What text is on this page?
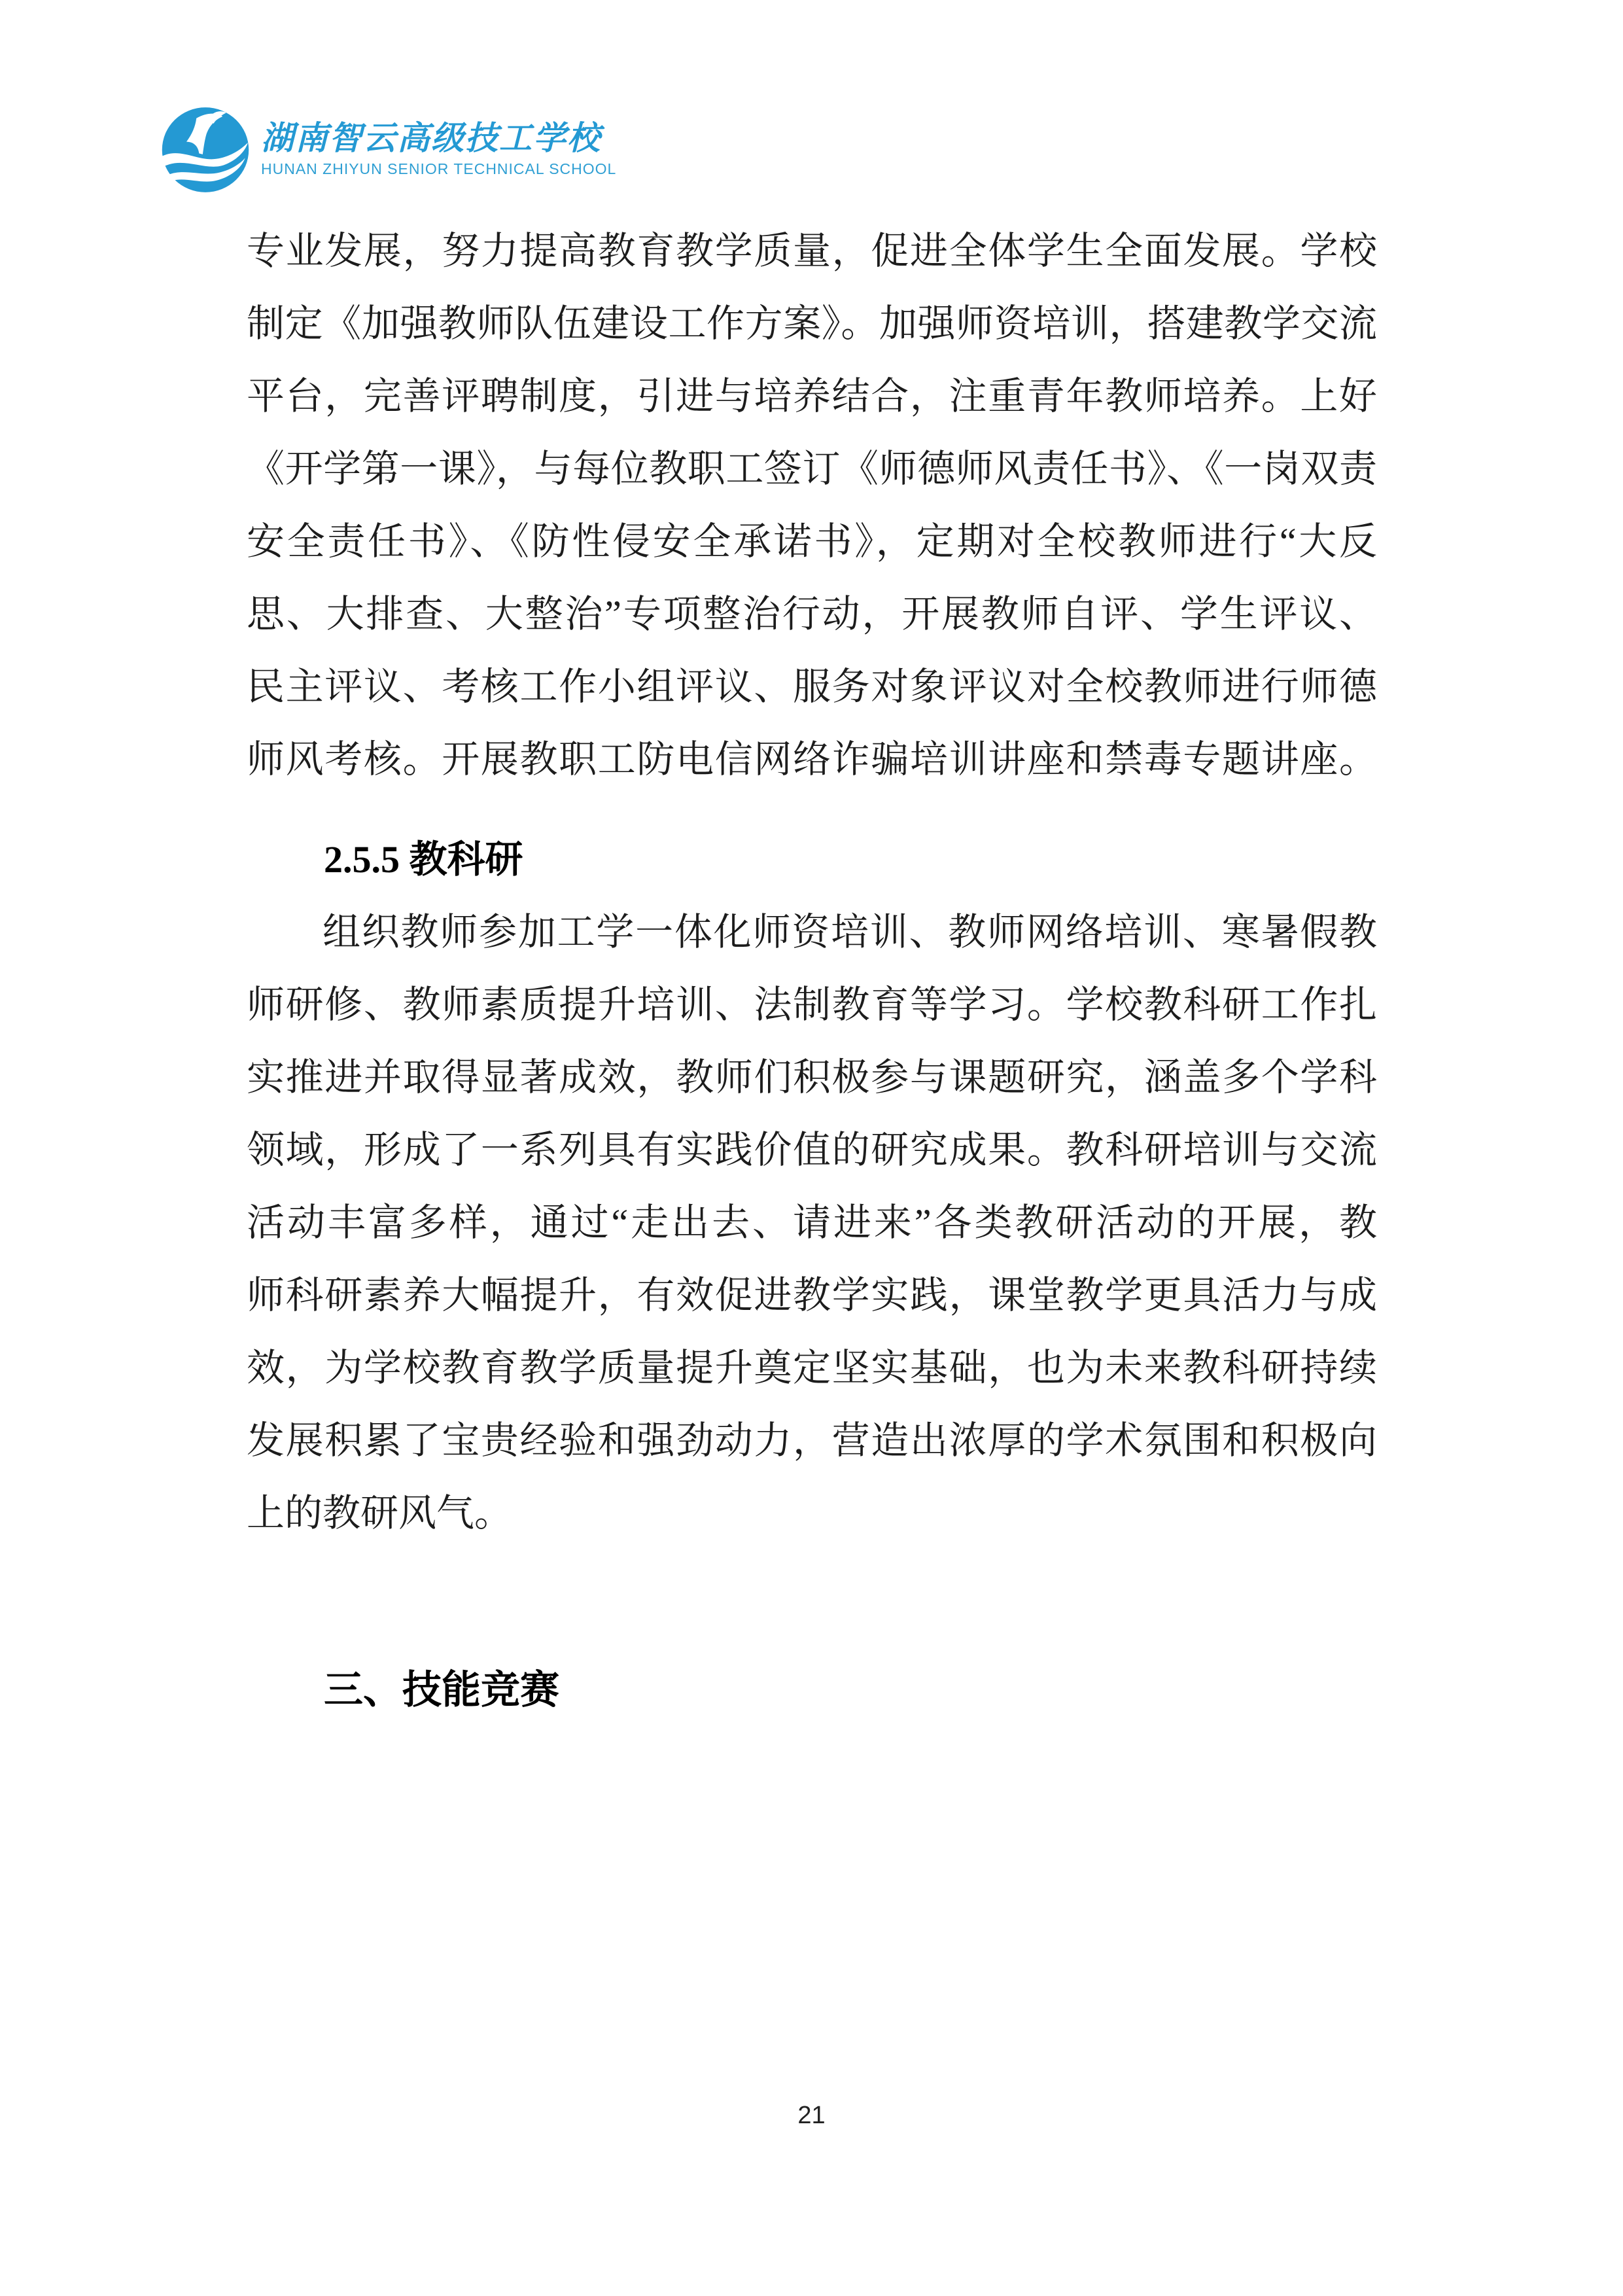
湖南智云高级技工学校
HUNAN ZHIYUN SENIOR TECHNICAL SCHOOL
专业发展，努力提高教育教学质量，促进全体学生全面发展。学校
制定《加强教师队伍建设工作方案》。加强师资培训，搭建教学交流
平台，完善评聘制度，引进与培养结合，注重青年教师培养。上好
《开学第一课》，与每位教职工签订《师德师风责任书》、《一岗双责
安全责任书》、《防性侵安全承诺书》，定期对全校教师进行“大反
思、大排查、大整治”专项整治行动，开展教师自评、学生评议、
民主评议、考核工作小组评议、服务对象评议对全校教师进行师德
师风考核。开展教职工防电信网络诈骗培训讲座和禁毒专题讲座。
2.5.5 教科研
组织教师参加工学一体化师资培训、教师网络培训、寒暑假教
师研修、教师素质提升培训、法制教育等学习。学校教科研工作扎
实推进并取得显著成效，教师们积极参与课题研究，涵盖多个学科
领域，形成了一系列具有实践价值的研究成果。教科研培训与交流
活动丰富多样，通过“走出去、请进来”各类教研活动的开展，教
师科研素养大幅提升，有效促进教学实践，课堂教学更具活力与成
效，为学校教育教学质量提升奠定坚实基础，也为未来教科研持续
发展积累了宝贵经验和强劲动力，营造出浓厚的学术氛围和积极向
上的教研风气。
三、技能竞赛
21
